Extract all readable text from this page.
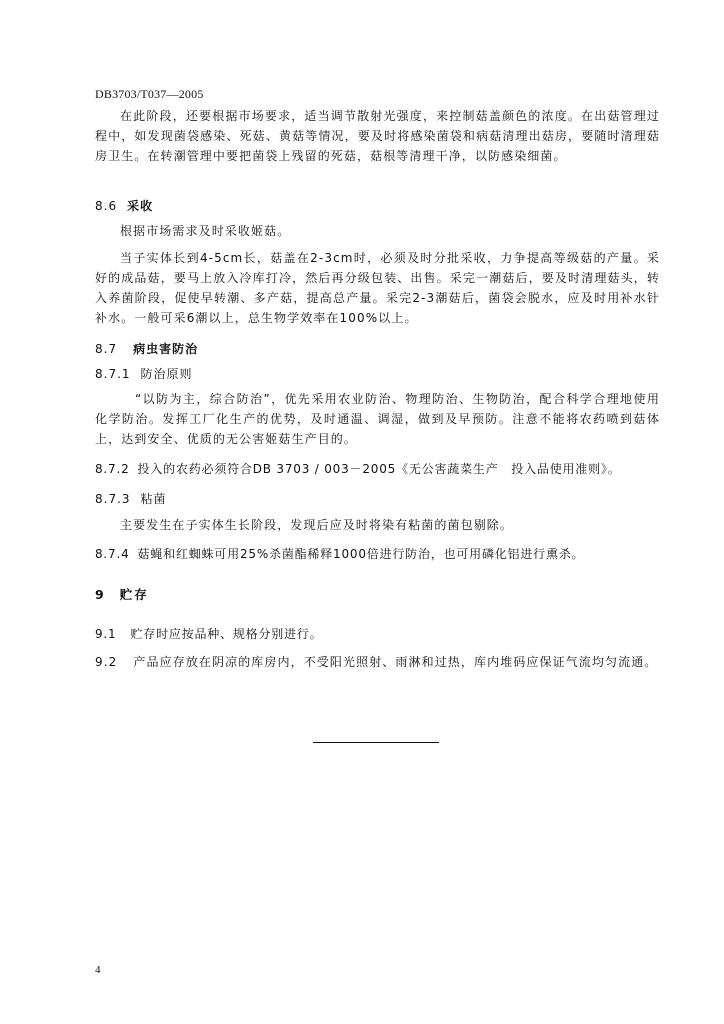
DB3703/T037—2005

在此阶段，还要根据市场要求，适当调节散射光强度，来控制菇盖颜色的浓度。在出菇管理过程中，如发现菌袋感染、死菇、黄菇等情况，要及时将感染菌袋和病菇清理出菇房，要随时清理菇房卫生。在转潮管理中要把菌袋上残留的死菇，菇根等清理干净，以防感染细菌。

8.6 采收

根据市场需求及时采收姬菇。

当子实体长到4-5cm长，菇盖在2-3cm时，必须及时分批采收，力争提高等级菇的产量。采好的成品菇，要马上放入冷库打冷，然后再分级包装、出售。采完一潮菇后，要及时清理菇头，转入养菌阶段，促使早转潮、多产菇，提高总产量。采完2-3潮菇后，菌袋会脱水，应及时用补水针补水。一般可采6潮以上，总生物学效率在100%以上。

8.7 病虫害防治
8.7.1 防治原则

“以防为主，综合防治”，优先采用农业防治、物理防治、生物防治，配合科学合理地使用化学防治。发挥工厂化生产的优势，及时通温、调湿，做到及早预防。注意不能将农药喷到菇体上，达到安全、优质的无公害姬菇生产目的。

8.7.2 投入的农药必须符合DB 3703 / 003－2005《无公害蔬菜生产　投入品使用准则》。
8.7.3 粘菌

主要发生在子实体生长阶段，发现后应及时将染有粘菌的菌包剔除。

8.7.4 菇蝇和红蜘蛛可用25%杀菌酯稀释1000倍进行防治，也可用磷化铝进行熏杀。
9 贮存
9.1 贮存时应按品种、规格分别进行。
9.2 产品应存放在阴凉的库房内，不受阳光照射、雨淋和过热，库内堆码应保证气流均匀流通。
4
